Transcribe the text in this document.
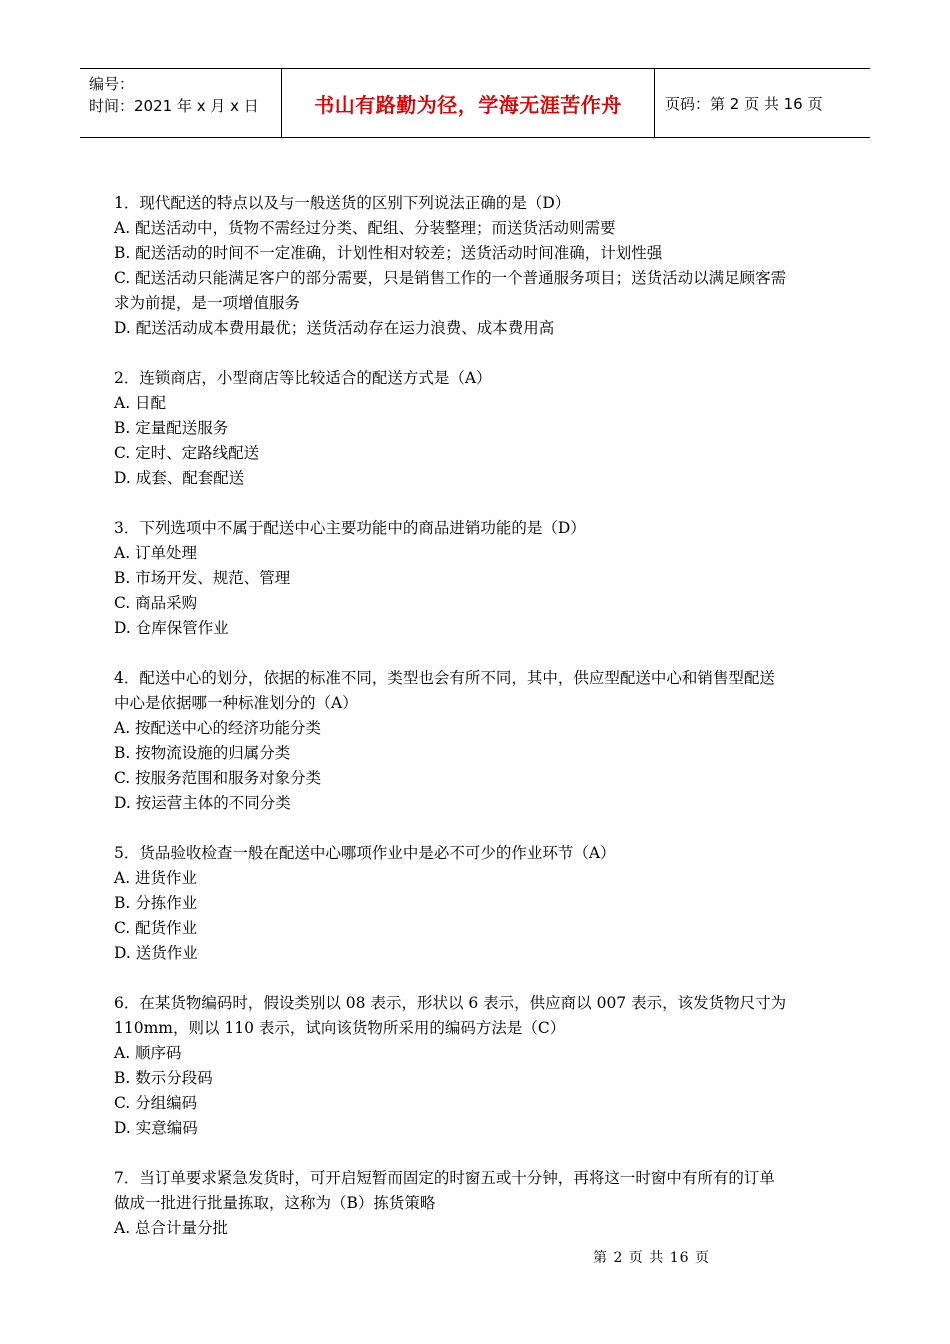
编号：
时间：2021 年 x 月 x 日	书山有路勤为径，学海无涯苦作舟	页码：第 2 页 共 16 页
1．现代配送的特点以及与一般送货的区别下列说法正确的是（D）
A. 配送活动中，货物不需经过分类、配组、分装整理；而送货活动则需要
B. 配送活动的时间不一定准确，计划性相对较差；送货活动时间准确，计划性强
C. 配送活动只能满足客户的部分需要，只是销售工作的一个普通服务项目；送货活动以满足顾客需
求为前提，是一项增值服务
D. 配送活动成本费用最优；送货活动存在运力浪费、成本费用高
2．连锁商店，小型商店等比较适合的配送方式是（A）
A. 日配
B. 定量配送服务
C. 定时、定路线配送
D. 成套、配套配送
3．下列选项中不属于配送中心主要功能中的商品进销功能的是（D）
A. 订单处理
B. 市场开发、规范、管理
C. 商品采购
D. 仓库保管作业
4．配送中心的划分，依据的标准不同，类型也会有所不同，其中，供应型配送中心和销售型配送
中心是依据哪一种标准划分的（A）
A. 按配送中心的经济功能分类
B. 按物流设施的归属分类
C. 按服务范围和服务对象分类
D. 按运营主体的不同分类
5．货品验收检查一般在配送中心哪项作业中是必不可少的作业环节（A）
A. 进货作业
B. 分拣作业
C. 配货作业
D. 送货作业
6．在某货物编码时，假设类别以 08 表示，形状以 6 表示，供应商以 007 表示，该发货物尺寸为
110mm，则以 110 表示，试向该货物所采用的编码方法是（C）
A. 顺序码
B. 数示分段码
C. 分组编码
D. 实意编码
7．当订单要求紧急发货时，可开启短暂而固定的时窗五或十分钟，再将这一时窗中有所有的订单
做成一批进行批量拣取，这称为（B）拣货策略
A. 总合计量分批
第 2 页 共 16 页
